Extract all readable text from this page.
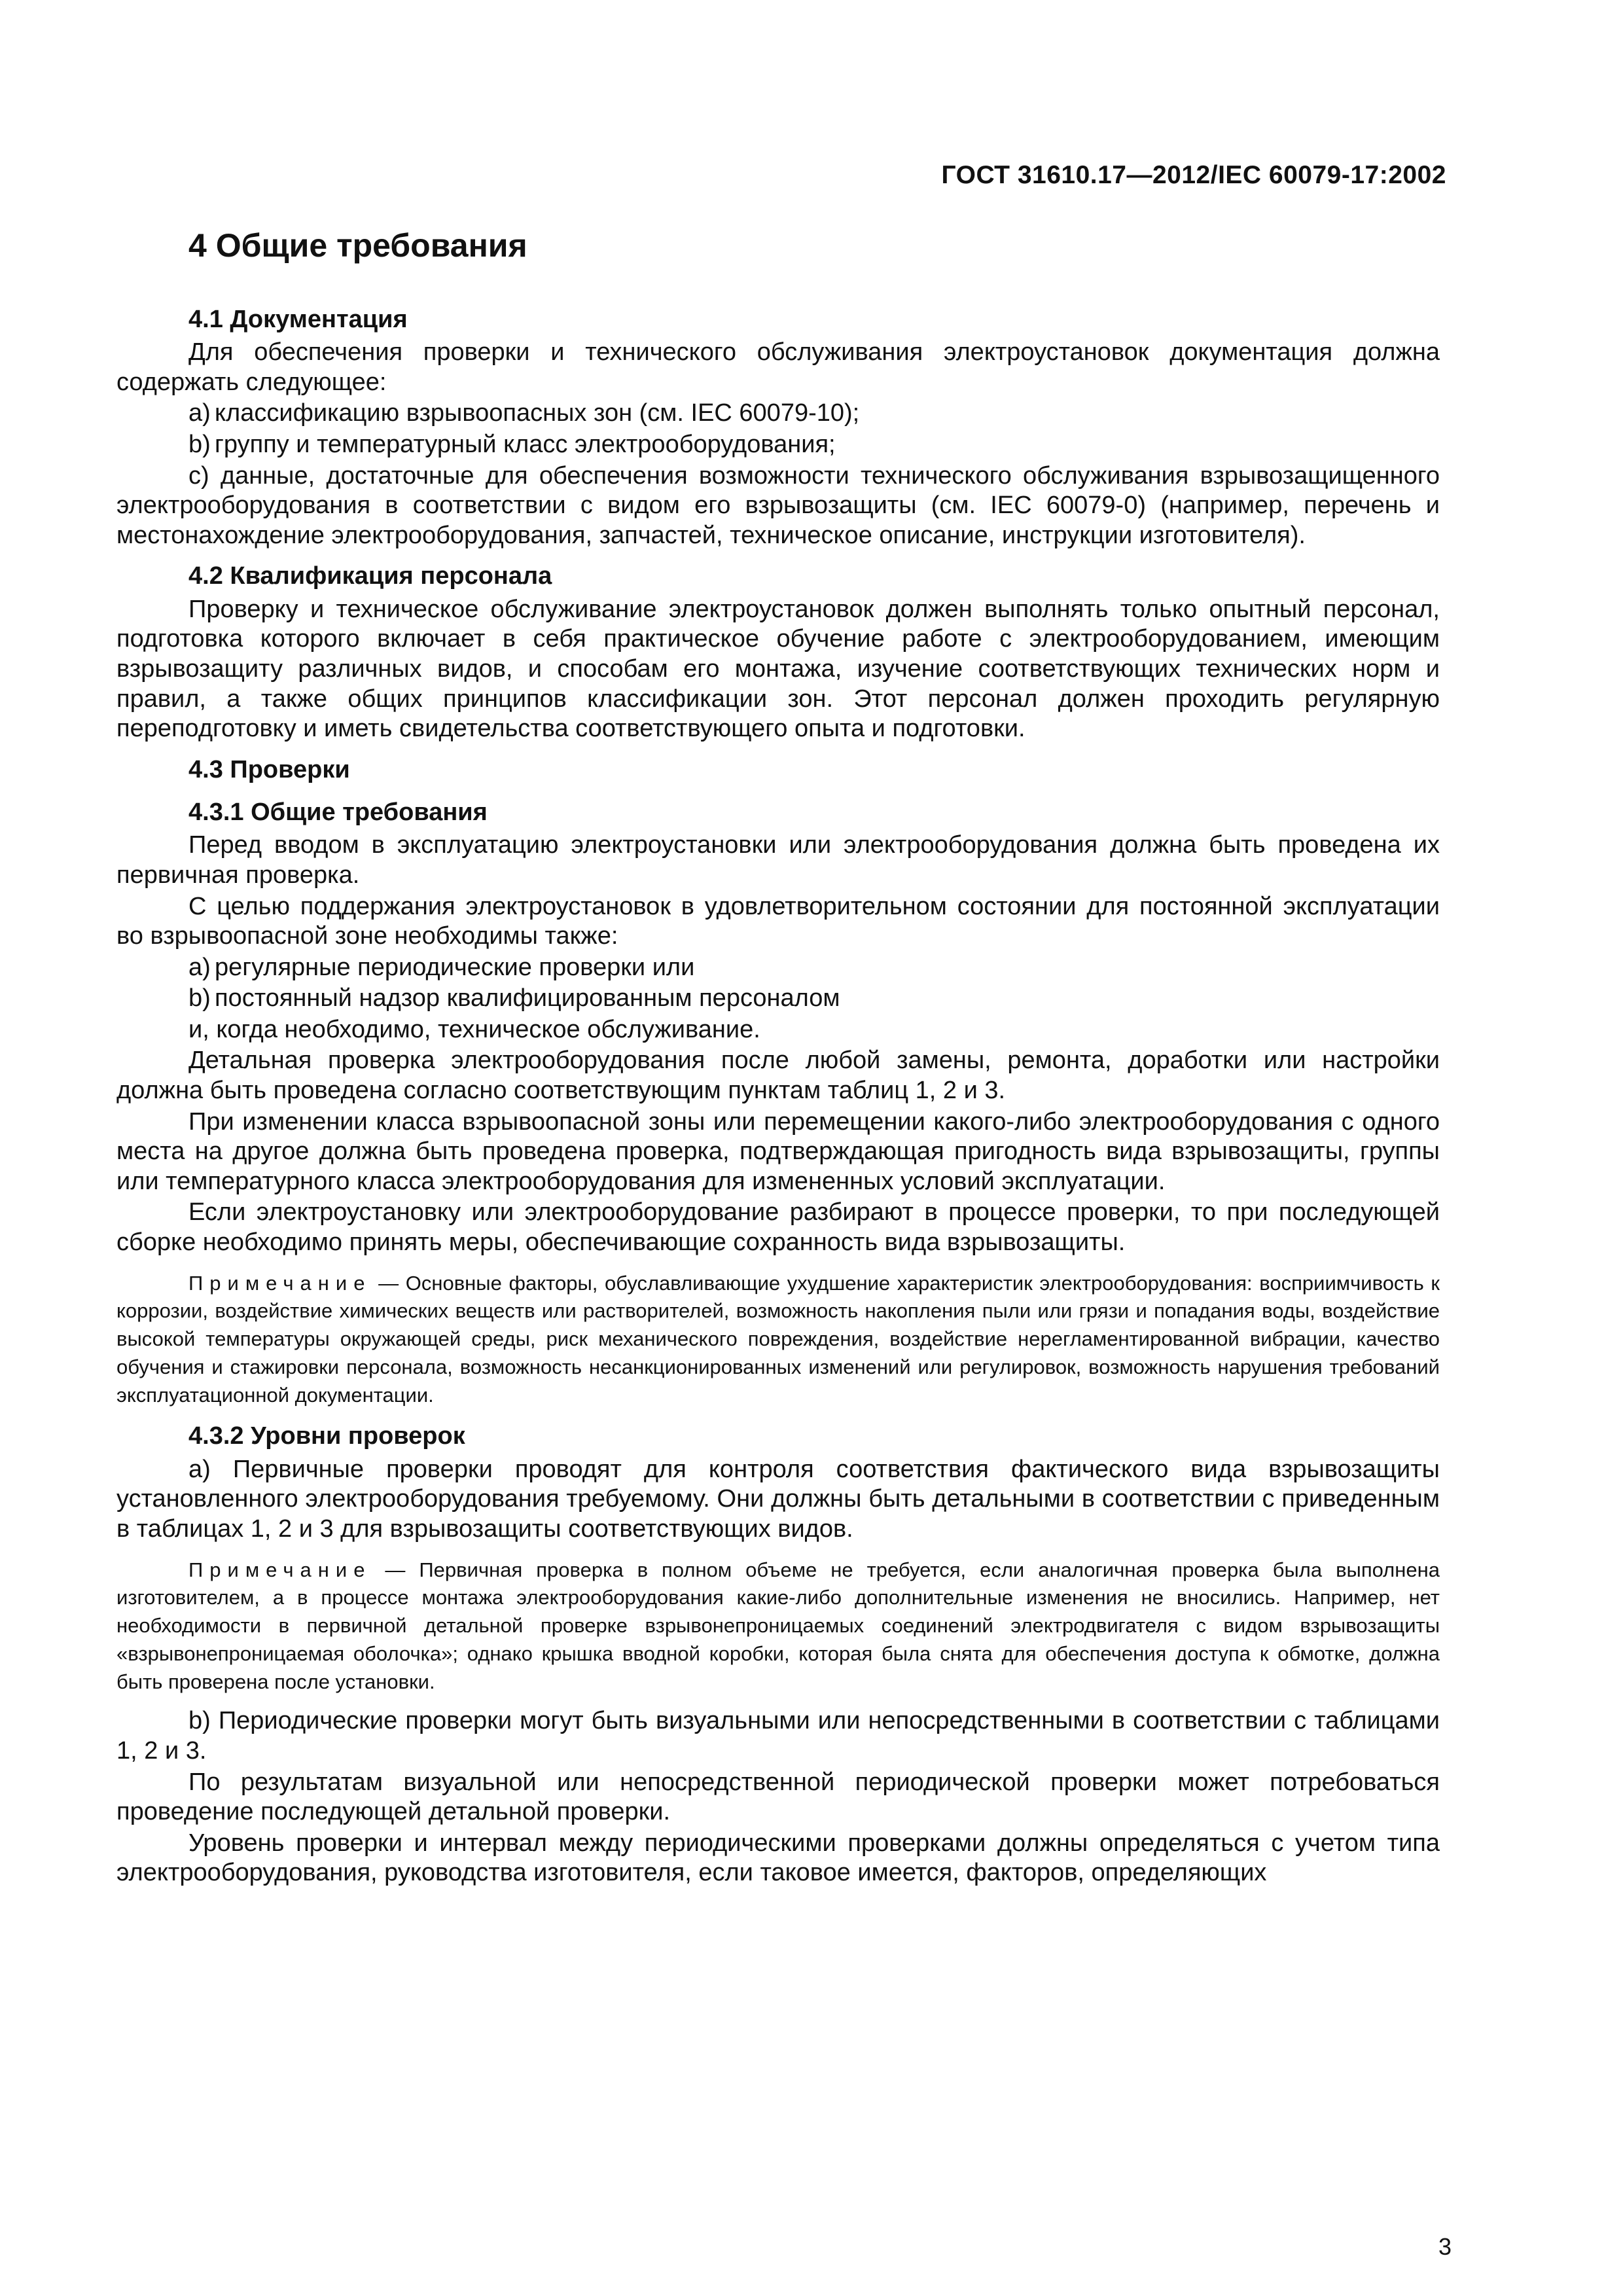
ГОСТ 31610.17—2012/IEC 60079-17:2002
4 Общие требования
4.1 Документация
Для обеспечения проверки и технического обслуживания электроустановок документация должна содержать следующее:
a) классификацию взрывоопасных зон (см. IEC 60079-10);
b) группу и температурный класс электрооборудования;
c) данные, достаточные для обеспечения возможности технического обслуживания взрывозащищенного электрооборудования в соответствии с видом его взрывозащиты (см. IEC 60079-0) (например, перечень и местонахождение электрооборудования, запчастей, техническое описание, инструкции изготовителя).
4.2 Квалификация персонала
Проверку и техническое обслуживание электроустановок должен выполнять только опытный персонал, подготовка которого включает в себя практическое обучение работе с электрооборудованием, имеющим взрывозащиту различных видов, и способам его монтажа, изучение соответствующих технических норм и правил, а также общих принципов классификации зон. Этот персонал должен проходить регулярную переподготовку и иметь свидетельства соответствующего опыта и подготовки.
4.3 Проверки
4.3.1 Общие требования
Перед вводом в эксплуатацию электроустановки или электрооборудования должна быть проведена их первичная проверка.
С целью поддержания электроустановок в удовлетворительном состоянии для постоянной эксплуатации во взрывоопасной зоне необходимы также:
a) регулярные периодические проверки или
b) постоянный надзор квалифицированным персоналом
и, когда необходимо, техническое обслуживание.
Детальная проверка электрооборудования после любой замены, ремонта, доработки или настройки должна быть проведена согласно соответствующим пунктам таблиц 1, 2 и 3.
При изменении класса взрывоопасной зоны или перемещении какого-либо электрооборудования с одного места на другое должна быть проведена проверка, подтверждающая пригодность вида взрывозащиты, группы или температурного класса электрооборудования для измененных условий эксплуатации.
Если электроустановку или электрооборудование разбирают в процессе проверки, то при последующей сборке необходимо принять меры, обеспечивающие сохранность вида взрывозащиты.
Примечание — Основные факторы, обуславливающие ухудшение характеристик электрооборудования: восприимчивость к коррозии, воздействие химических веществ или растворителей, возможность накопления пыли или грязи и попадания воды, воздействие высокой температуры окружающей среды, риск механического повреждения, воздействие нерегламентированной вибрации, качество обучения и стажировки персонала, возможность несанкционированных изменений или регулировок, возможность нарушения требований эксплуатационной документации.
4.3.2 Уровни проверок
a) Первичные проверки проводят для контроля соответствия фактического вида взрывозащиты установленного электрооборудования требуемому. Они должны быть детальными в соответствии с приведенным в таблицах 1, 2 и 3 для взрывозащиты соответствующих видов.
Примечание — Первичная проверка в полном объеме не требуется, если аналогичная проверка была выполнена изготовителем, а в процессе монтажа электрооборудования какие-либо дополнительные изменения не вносились. Например, нет необходимости в первичной детальной проверке взрывонепроницаемых соединений электродвигателя с видом взрывозащиты «взрывонепроницаемая оболочка»; однако крышка вводной коробки, которая была снята для обеспечения доступа к обмотке, должна быть проверена после установки.
b) Периодические проверки могут быть визуальными или непосредственными в соответствии с таблицами 1, 2 и 3.
По результатам визуальной или непосредственной периодической проверки может потребоваться проведение последующей детальной проверки.
Уровень проверки и интервал между периодическими проверками должны определяться с учетом типа электрооборудования, руководства изготовителя, если таковое имеется, факторов, определяющих
3
